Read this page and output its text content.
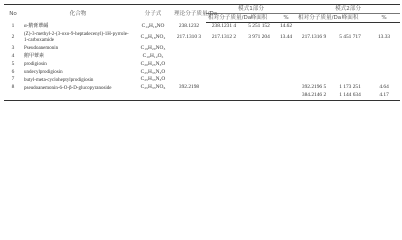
No	化合物	分子式	理论分子质量/Da	模式1部分			模式2部分		
				相对分子质量/Da	峰面积	%	相对分子质量/Da	峰面积	%
1	α-鹅膏蕈碱	C₁₄H₁₈NO	238.1232	238.1231 4	5 251 152	14.62			
2	(Z)-3-methyl-2-(3-oxo-9-heptadecenyl)-1H-pyrrole-1-carboxamide	C₁₆H₁₈NO₂	217.1310 3	217.1312 2	3 971 204	13.44	217.1316 9	5 451 717	13.33
3	Pseudoanemonin	C₁₉H₂₀NO₃							
4	鹅甲蕈素	C₁₀H₁₂O₅							
5	prodigiosin	C₂₀H₂₅N₃O							
6	undecylprodigiosin	C₂₅H₃₅N₃O							
7	butyl-meta-cycloheptylprodigiosin	C₂₅H₃₃N₃O							
8	pseudoanemonin-6-O-β-D-glucopyranoside	C₂₅H₃₃NO₆	392.2198				392.2196 5	1 173 251	4.64
							384.2146 2	1 144 634	4.17
